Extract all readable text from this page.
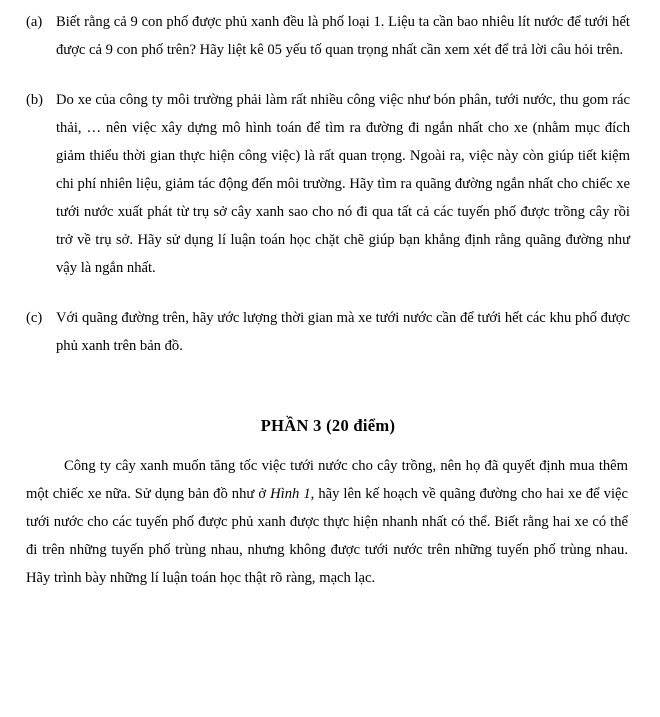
(a) Biết rằng cả 9 con phố được phủ xanh đều là phố loại 1. Liệu ta cần bao nhiêu lít nước để tưới hết được cả 9 con phố trên? Hãy liệt kê 05 yếu tố quan trọng nhất cần xem xét để trả lời câu hỏi trên.
(b) Do xe của công ty môi trường phải làm rất nhiều công việc như bón phân, tưới nước, thu gom rác thải, … nên việc xây dựng mô hình toán để tìm ra đường đi ngắn nhất cho xe (nhằm mục đích giảm thiểu thời gian thực hiện công việc) là rất quan trọng. Ngoài ra, việc này còn giúp tiết kiệm chi phí nhiên liệu, giảm tác động đến môi trường. Hãy tìm ra quãng đường ngắn nhất cho chiếc xe tưới nước xuất phát từ trụ sở cây xanh sao cho nó đi qua tất cả các tuyến phố được trồng cây rồi trở về trụ sở. Hãy sử dụng lí luận toán học chặt chẽ giúp bạn khẳng định rằng quãng đường như vậy là ngắn nhất.
(c) Với quãng đường trên, hãy ước lượng thời gian mà xe tưới nước cần để tưới hết các khu phố được phủ xanh trên bản đồ.
PHẦN 3 (20 điểm)

Công ty cây xanh muốn tăng tốc việc tưới nước cho cây trồng, nên họ đã quyết định mua thêm một chiếc xe nữa. Sử dụng bản đồ như ở Hình 1, hãy lên kế hoạch về quãng đường cho hai xe để việc tưới nước cho các tuyến phố được phủ xanh được thực hiện nhanh nhất có thể. Biết rằng hai xe có thể đi trên những tuyến phố trùng nhau, nhưng không được tưới nước trên những tuyến phố trùng nhau. Hãy trình bày những lí luận toán học thật rõ ràng, mạch lạc.
